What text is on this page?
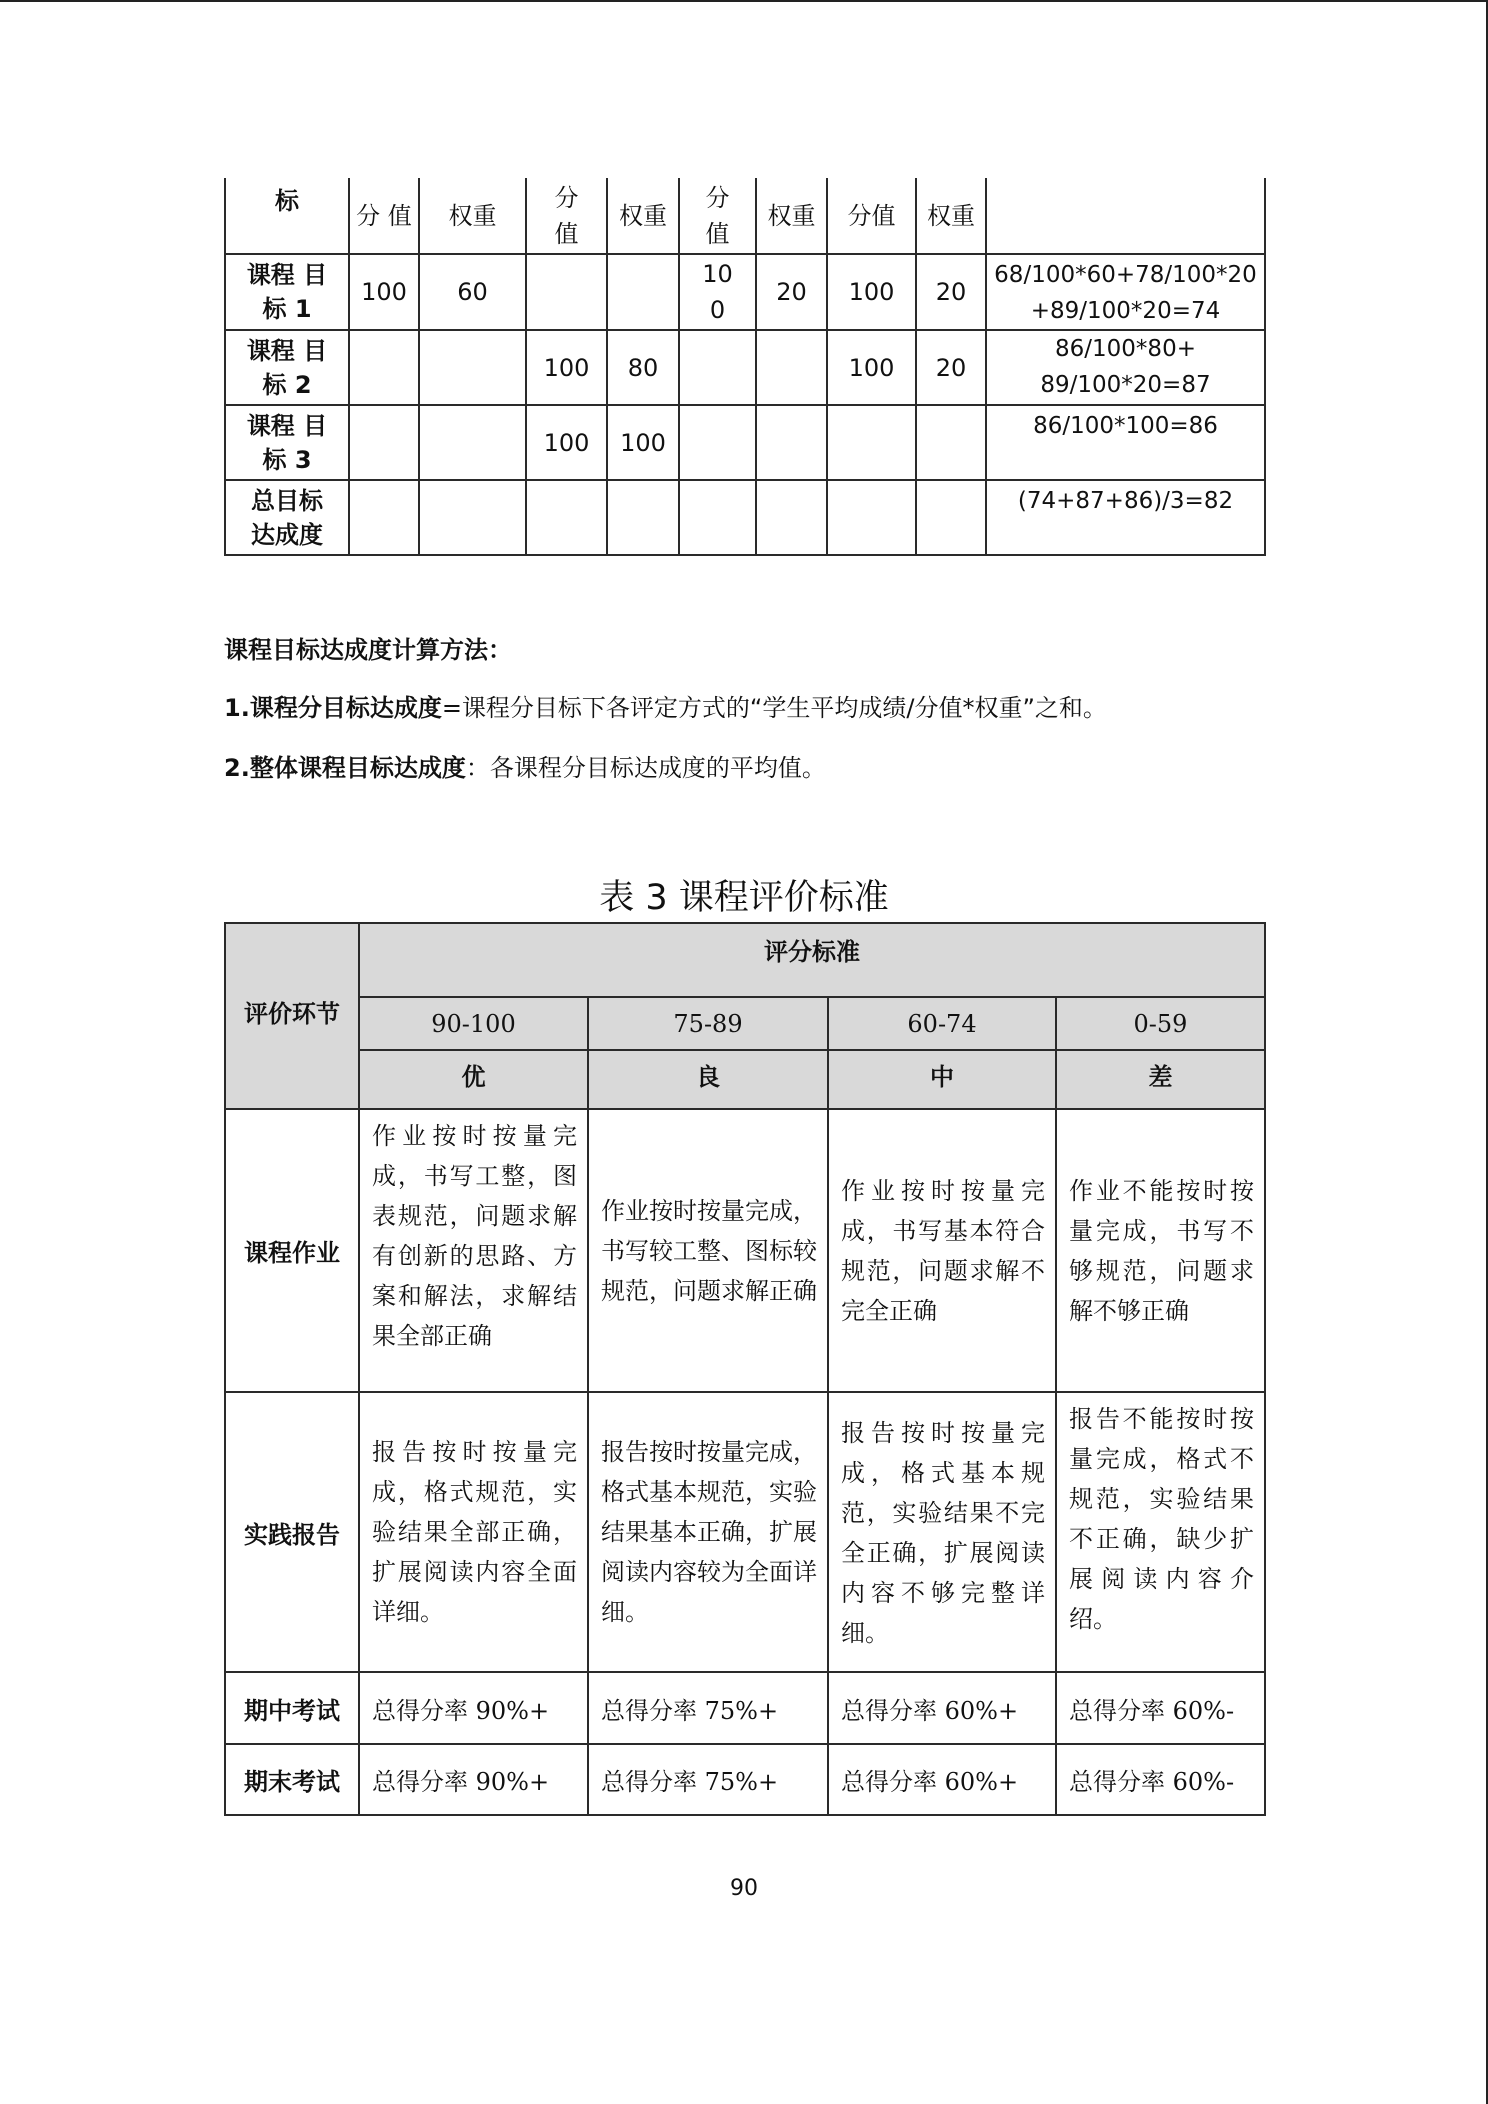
标	分 值	权重	分值	权重	分值	权重	分值	权重	
课程 目标 1	100	60			100	20	100	20	68/100*60+78/100*20+89/100*20=74
课程 目标 2			100	80			100	20	86/100*80+ 89/100*20=87
课程 目标 3			100	100					86/100*100=86
总目标达成度									(74+87+86)/3=82
课程目标达成度计算方法：
1.课程分目标达成度=课程分目标下各评定方式的“学生平均成绩/分值*权重”之和。
2.整体课程目标达成度：各课程分目标达成度的平均值。
表 3 课程评价标准
评价环节	评分标准			
	90-100	75-89	60-74	0-59
	优	良	中	差
课程作业	作业按时按量完成，书写工整，图表规范，问题求解有创新的思路、方案和解法，求解结果全部正确	作业按时按量完成，书写较工整、图标较规范，问题求解正确	作业按时按量完成，书写基本符合规范，问题求解不完全正确	作业不能按时按量完成，书写不够规范，问题求解不够正确
实践报告	报告按时按量完成，格式规范，实验结果全部正确，扩展阅读内容全面详细。	报告按时按量完成，格式基本规范，实验结果基本正确，扩展阅读内容较为全面详细。	报告按时按量完成，格式基本规范，实验结果不完全正确，扩展阅读内容不够完整详细。	报告不能按时按量完成，格式不规范，实验结果不正确，缺少扩展阅读内容介绍。
期中考试	总得分率 90%+	总得分率 75%+	总得分率 60%+	总得分率 60%-
期末考试	总得分率 90%+	总得分率 75%+	总得分率 60%+	总得分率 60%-
90
